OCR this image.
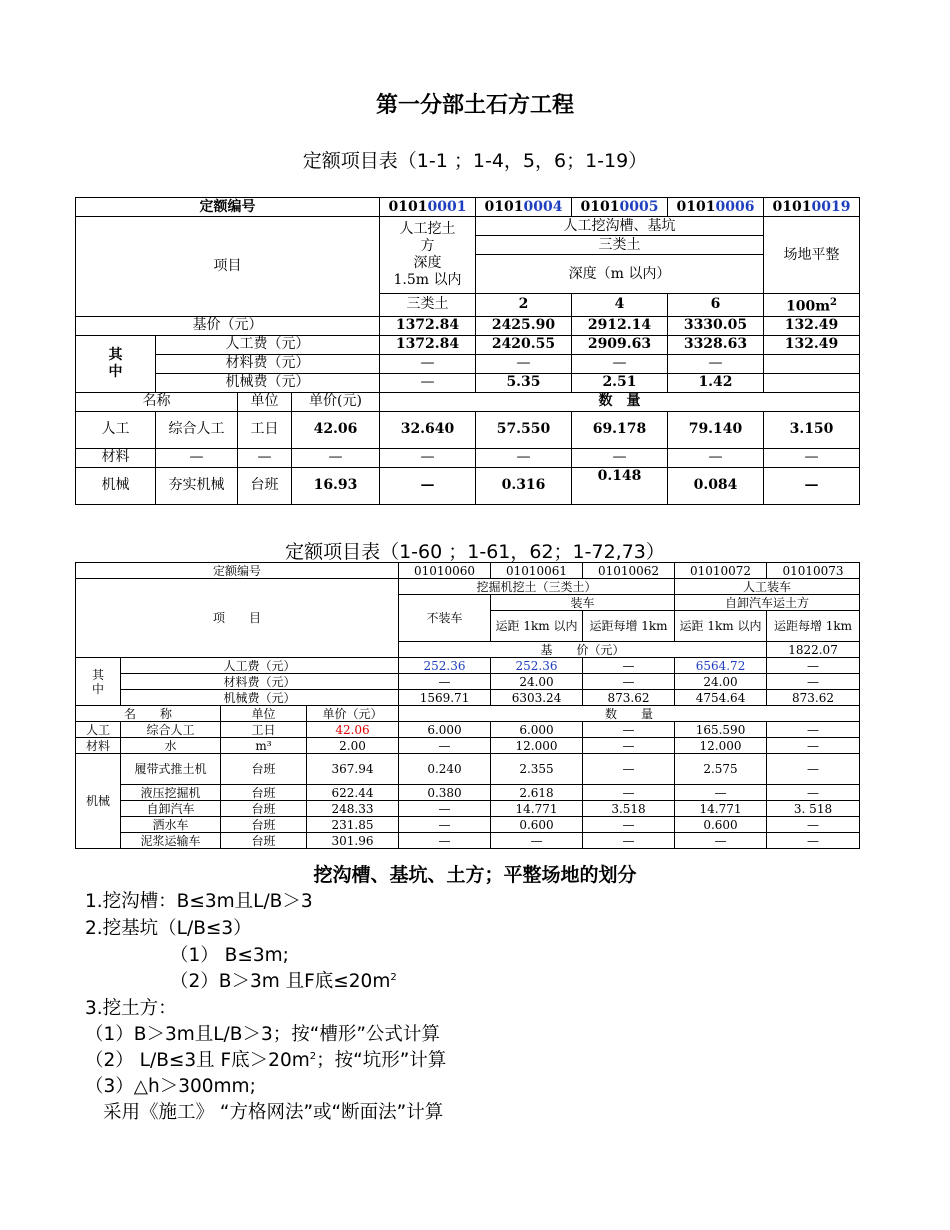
第一分部土石方工程
定额项目表（1-1 ；1-4，5，6；1-19）
定额编号				01010001	01010004	01010005	01010006	01010019
项目				人工挖土
方
深度
1.5m 以内	人工挖沟槽、基坑			场地平整
					三类土			
					深度（m 以内）			
				三类土	2	4	6	$100m^2$
基价（元）				1372.84	2425.90	2912.14	3330.05	132.49

其
中	人工费（元）			1372.84	2420.55	2909.63	3328.63	132.49
	材料费（元）			—	—	—	—	
	机械费（元）			—	5.35	2.51	1.42	
名称		单位	单价(元)	数　量				
人工	综合人工	工日	42.06	32.640	57.550	69.178	79.140	3.150
材料	—	—	—	—	—	—	—	—
机械	夯实机械	台班	16.93	—	0.316	0.148	0.084	—
定额项目表（1-60 ；1-61，62；1-72,73）
定额编号				01010060	01010061	01010062	01010072	01010073	
项　　目				挖掘机挖土（三类土）			人工装车		
				不装车	装车		自卸汽车运土方		
					运距 1km 以内	运距每增 1km	运距 1km 以内	运距每增 1km	
				基　　价（元）				1822.07				

其
中	人工费（元）			252.36	252.36	—	6564.72	—	
	材料费（元）			—	24.00	—	24.00	—	
	机械费（元）			1569.71	6303.24	873.62	4754.64	873.62	
名　　称		单位	单价（元）	数　　量					
人工	综合人工	工日	42.06	6.000	6.000	—	165.590	—	
材料	水	m³	2.00	—	12.000	—	12.000	—	
机械	履带式推土机	台班	367.94	0.240	2.355	—	2.575	—	
	液压挖掘机	台班	622.44	0.380	2.618	—	—	—	
	自卸汽车	台班	248.33	—	14.771	3.518	14.771	3. 518	
	洒水车	台班	231.85	—	0.600	—	0.600	—	
	泥浆运输车	台班	301.96	—	—	—	—	—	
挖沟槽、基坑、土方；平整场地的划分
1.挖沟槽：B≤3m且L/B＞3
2.挖基坑（L/B≤3）
（1） B≤3m;
（2）B＞3m 且F底$\le 20m^2$
3.挖土方：
（1）B＞3m且L/B＞3；按“槽形”公式计算
（2） L/B≤3且 F底$>20m^2$；按“坑形”计算
（3）△h＞300mm;
采用《施工》 “方格网法”或“断面法”计算
